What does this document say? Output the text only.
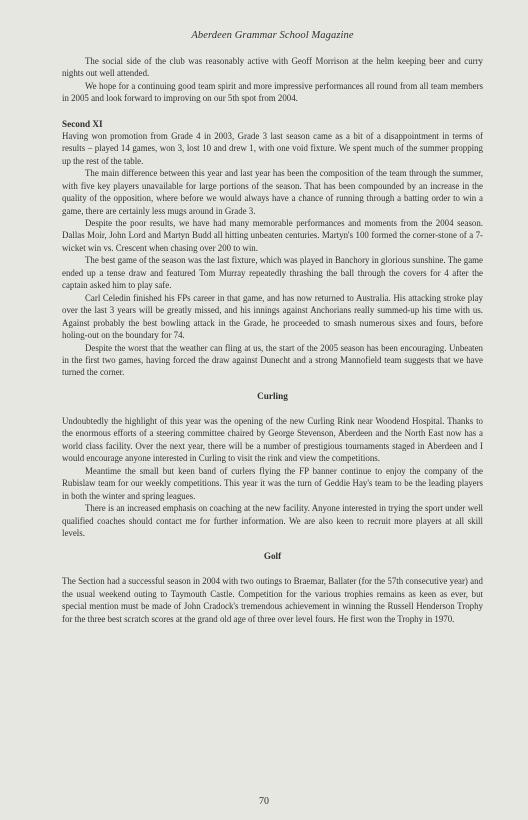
Aberdeen Grammar School Magazine

The social side of the club was reasonably active with Geoff Morrison at the helm keeping beer and curry nights out well attended.

We hope for a continuing good team spirit and more impressive performances all round from all team members in 2005 and look forward to improving on our 5th spot from 2004.

Second XI

Having won promotion from Grade 4 in 2003, Grade 3 last season came as a bit of a disappointment in terms of results – played 14 games, won 3, lost 10 and drew 1, with one void fixture. We spent much of the summer propping up the rest of the table.

The main difference between this year and last year has been the composition of the team through the summer, with five key players unavailable for large portions of the season. That has been compounded by an increase in the quality of the opposition, where before we would always have a chance of running through a batting order to win a game, there are certainly less mugs around in Grade 3.

Despite the poor results, we have had many memorable performances and moments from the 2004 season. Dallas Moir, John Lord and Martyn Budd all hitting unbeaten centuries. Martyn's 100 formed the corner-stone of a 7-wicket win vs. Crescent when chasing over 200 to win.

The best game of the season was the last fixture, which was played in Banchory in glorious sunshine. The game ended up a tense draw and featured Tom Murray repeatedly thrashing the ball through the covers for 4 after the captain asked him to play safe.

Carl Celedin finished his FPs career in that game, and has now returned to Australia. His attacking stroke play over the last 3 years will be greatly missed, and his innings against Anchorians really summed-up his time with us. Against probably the best bowling attack in the Grade, he proceeded to smash numerous sixes and fours, before holing-out on the boundary for 74.

Despite the worst that the weather can fling at us, the start of the 2005 season has been encouraging. Unbeaten in the first two games, having forced the draw against Dunecht and a strong Mannofield team suggests that we have turned the corner.

Curling

Undoubtedly the highlight of this year was the opening of the new Curling Rink near Woodend Hospital. Thanks to the enormous efforts of a steering committee chaired by George Stevenson, Aberdeen and the North East now has a world class facility. Over the next year, there will be a number of prestigious tournaments staged in Aberdeen and I would encourage anyone interested in Curling to visit the rink and view the competitions.

Meantime the small but keen band of curlers flying the FP banner continue to enjoy the company of the Rubislaw team for our weekly competitions. This year it was the turn of Geddie Hay's team to be the leading players in both the winter and spring leagues.

There is an increased emphasis on coaching at the new facility. Anyone interested in trying the sport under well qualified coaches should contact me for further information. We are also keen to recruit more players at all skill levels.

Golf

The Section had a successful season in 2004 with two outings to Braemar, Ballater (for the 57th consecutive year) and the usual weekend outing to Taymouth Castle. Competition for the various trophies remains as keen as ever, but special mention must be made of John Cradock's tremendous achievement in winning the Russell Henderson Trophy for the three best scratch scores at the grand old age of three over level fours. He first won the Trophy in 1970.

70
